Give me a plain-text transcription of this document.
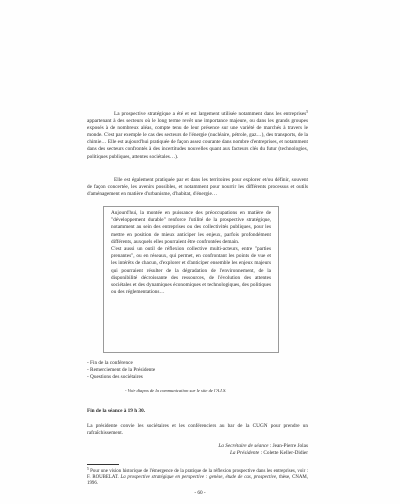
La prospective stratégique a été et est largement utilisée notamment dans les entreprises$^5$ appartenant à des secteurs où le long terme revêt une importance majeure, ou dans les grands groupes exposés à de nombreux aléas, compte tenu de leur présence sur une variété de marchés à travers le monde. C'est par exemple le cas des secteurs de l'énergie (nucléaire, pétrole, gaz…), des transports, de la chimie… Elle est aujourd'hui pratiquée de façon assez courante dans nombre d'entreprises, et notamment dans des secteurs confrontés à des incertitudes nouvelles quant aux facteurs clés du futur (technologies, politiques publiques, attentes sociétales…).

Elle est également pratiquée par et dans les territoires pour explorer et/ou définir, souvent de façon concertée, les avenirs possibles, et notamment pour nourrir les différents processus et outils d'aménagement en matière d'urbanisme, d'habitat, d'énergie…

Aujourd'hui, la montée en puissance des préoccupations en matière de "développement durable" renforce l'utilité de la prospective stratégique, notamment au sein des entreprises ou des collectivités publiques, pour les mettre en position de mieux anticiper les enjeux, parfois profondément différents, auxquels elles pourraient être confrontées demain.

C'est aussi un outil de réflexion collective multi-acteurs, entre "parties prenantes", ou en réseaux, qui permet, en confrontant les points de vue et les intérêts de chacun, d'explorer et d'anticiper ensemble les enjeux majeurs qui pourraient résulter de la dégradation de l'environnement, de la disponibilité décroissante des ressources, de l'évolution des attentes sociétales et des dynamiques économiques et technologiques, des politiques ou des réglementations…

- Fin de la conférence
- Remerciement de la Présidente
- Questions des sociétaires
- Voir diapos de la communication sur le site de l'A.I.S.
Fin de la séance à 19 h 30.

La présidente convie les sociétaires et les conférenciers au bar de la CUGN pour prendre un rafraîchissement.

La Secrétaire de séance : Jean-Pierre Jolas
La Présidente : Colette Keller-Didier

$^5$ Pour une vision historique de l'émergence de la pratique de la réflexion prospective dans les entreprises, voir : F. ROUBELAT. La prospective stratégique en perspective : genèse, étude de cas, prospective, thèse, CNAM, 1996.

- 60 -
